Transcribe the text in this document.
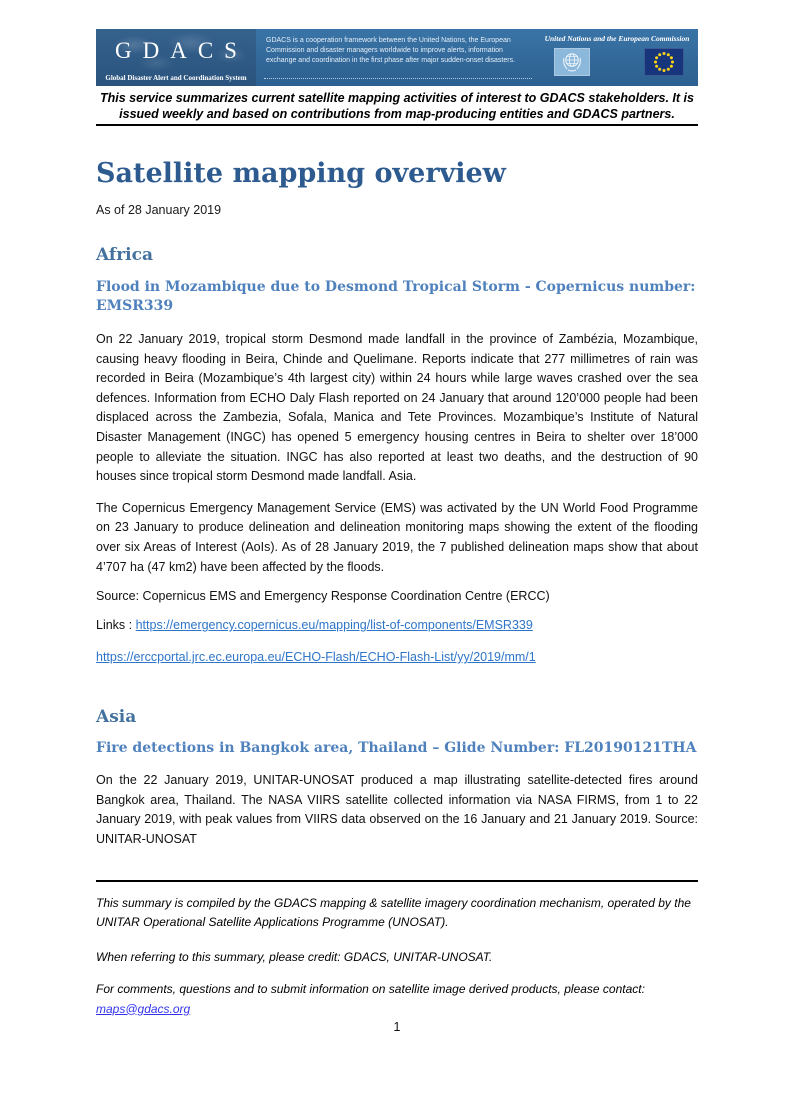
GDACS
Global Disaster Alert and Coordination System
GDACS is a cooperation framework between the United Nations, the European Commission and disaster managers worldwide to improve alerts, information exchange and coordination in the first phase after major sudden-onset disasters.
United Nations and the European Commission
This service summarizes current satellite mapping activities of interest to GDACS stakeholders. It is issued weekly and based on contributions from map-producing entities and GDACS partners.
Satellite mapping overview
As of 28 January 2019
Africa
Flood in Mozambique due to Desmond Tropical Storm - Copernicus number: EMSR339

On 22 January 2019, tropical storm Desmond made landfall in the province of Zambézia, Mozambique, causing heavy flooding in Beira, Chinde and Quelimane. Reports indicate that 277 millimetres of rain was recorded in Beira (Mozambique’s 4th largest city) within 24 hours while large waves crashed over the sea defences. Information from ECHO Daly Flash reported on 24 January that around 120’000 people had been displaced across the Zambezia, Sofala, Manica and Tete Provinces. Mozambique’s Institute of Natural Disaster Management (INGC) has opened 5 emergency housing centres in Beira to shelter over 18’000 people to alleviate the situation. INGC has also reported at least two deaths, and the destruction of 90 houses since tropical storm Desmond made landfall. Asia.

The Copernicus Emergency Management Service (EMS) was activated by the UN World Food Programme on 23 January to produce delineation and delineation monitoring maps showing the extent of the flooding over six Areas of Interest (AoIs). As of 28 January 2019, the 7 published delineation maps show that about 4’707 ha (47 km2) have been affected by the floods.

Source: Copernicus EMS and Emergency Response Coordination Centre (ERCC)
Links : https://emergency.copernicus.eu/mapping/list-of-components/EMSR339
https://erccportal.jrc.ec.europa.eu/ECHO-Flash/ECHO-Flash-List/yy/2019/mm/1
Asia
Fire detections in Bangkok area, Thailand – Glide Number: FL20190121THA

On the 22 January 2019, UNITAR-UNOSAT produced a map illustrating satellite-detected fires around Bangkok area, Thailand. The NASA VIIRS satellite collected information via NASA FIRMS, from 1 to 22 January 2019, with peak values from VIIRS data observed on the 16 January and 21 January 2019. Source: UNITAR-UNOSAT

This summary is compiled by the GDACS mapping & satellite imagery coordination mechanism, operated by the UNITAR Operational Satellite Applications Programme (UNOSAT).
When referring to this summary, please credit: GDACS, UNITAR-UNOSAT.
For comments, questions and to submit information on satellite image derived products, please contact:
maps@gdacs.org
1
